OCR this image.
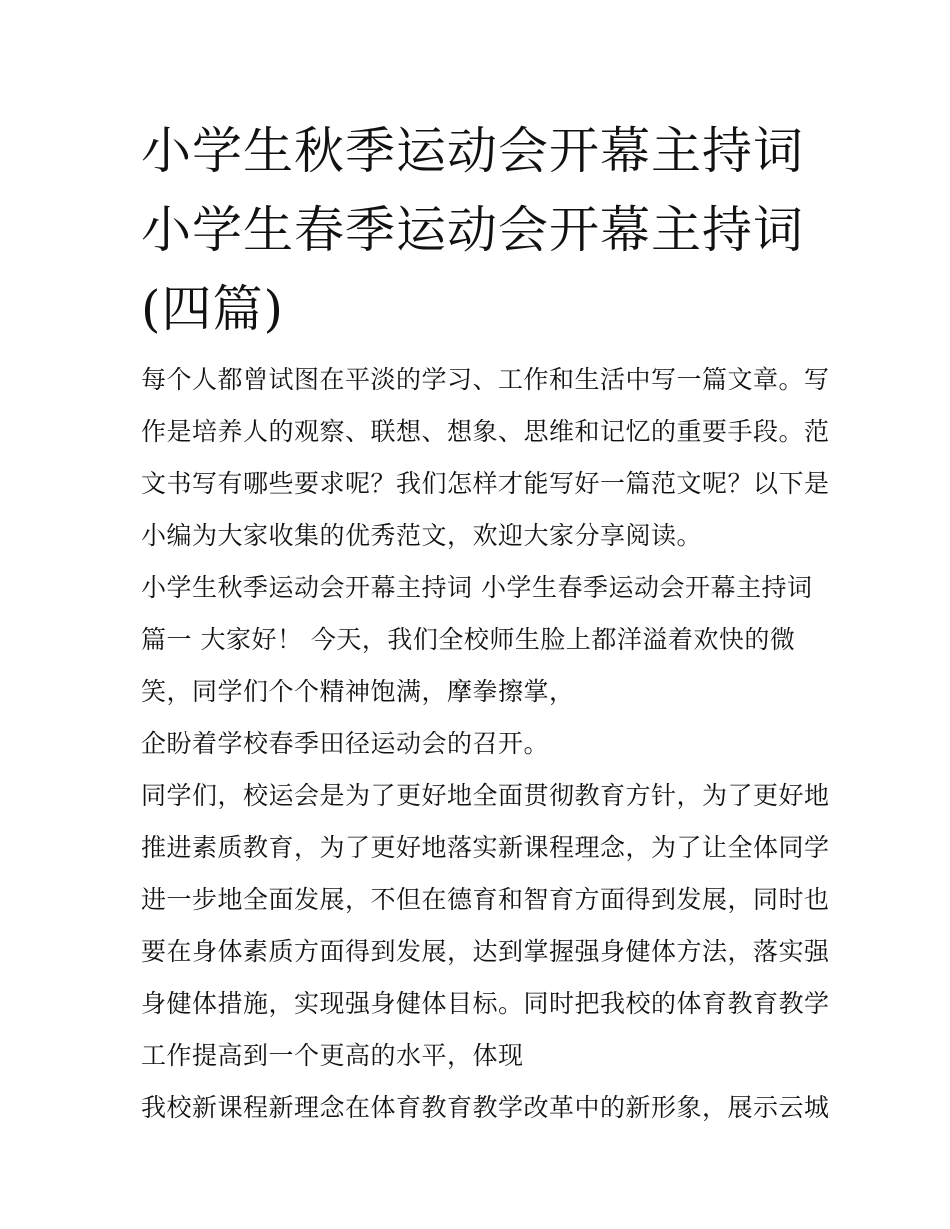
小学生秋季运动会开幕主持词
小学生春季运动会开幕主持词
(四篇)
每个人都曾试图在平淡的学习、工作和生活中写一篇文章。写
作是培养人的观察、联想、想象、思维和记忆的重要手段。范
文书写有哪些要求呢？我们怎样才能写好一篇范文呢？以下是
小编为大家收集的优秀范文，欢迎大家分享阅读。
小学生秋季运动会开幕主持词 小学生春季运动会开幕主持词
篇一 大家好！ 今天，我们全校师生脸上都洋溢着欢快的微
笑，同学们个个精神饱满，摩拳擦掌，
企盼着学校春季田径运动会的召开。
同学们，校运会是为了更好地全面贯彻教育方针，为了更好地
推进素质教育，为了更好地落实新课程理念，为了让全体同学
进一步地全面发展，不但在德育和智育方面得到发展，同时也
要在身体素质方面得到发展，达到掌握强身健体方法，落实强
身健体措施，实现强身健体目标。同时把我校的体育教育教学
工作提高到一个更高的水平，体现
我校新课程新理念在体育教育教学改革中的新形象，展示云城
